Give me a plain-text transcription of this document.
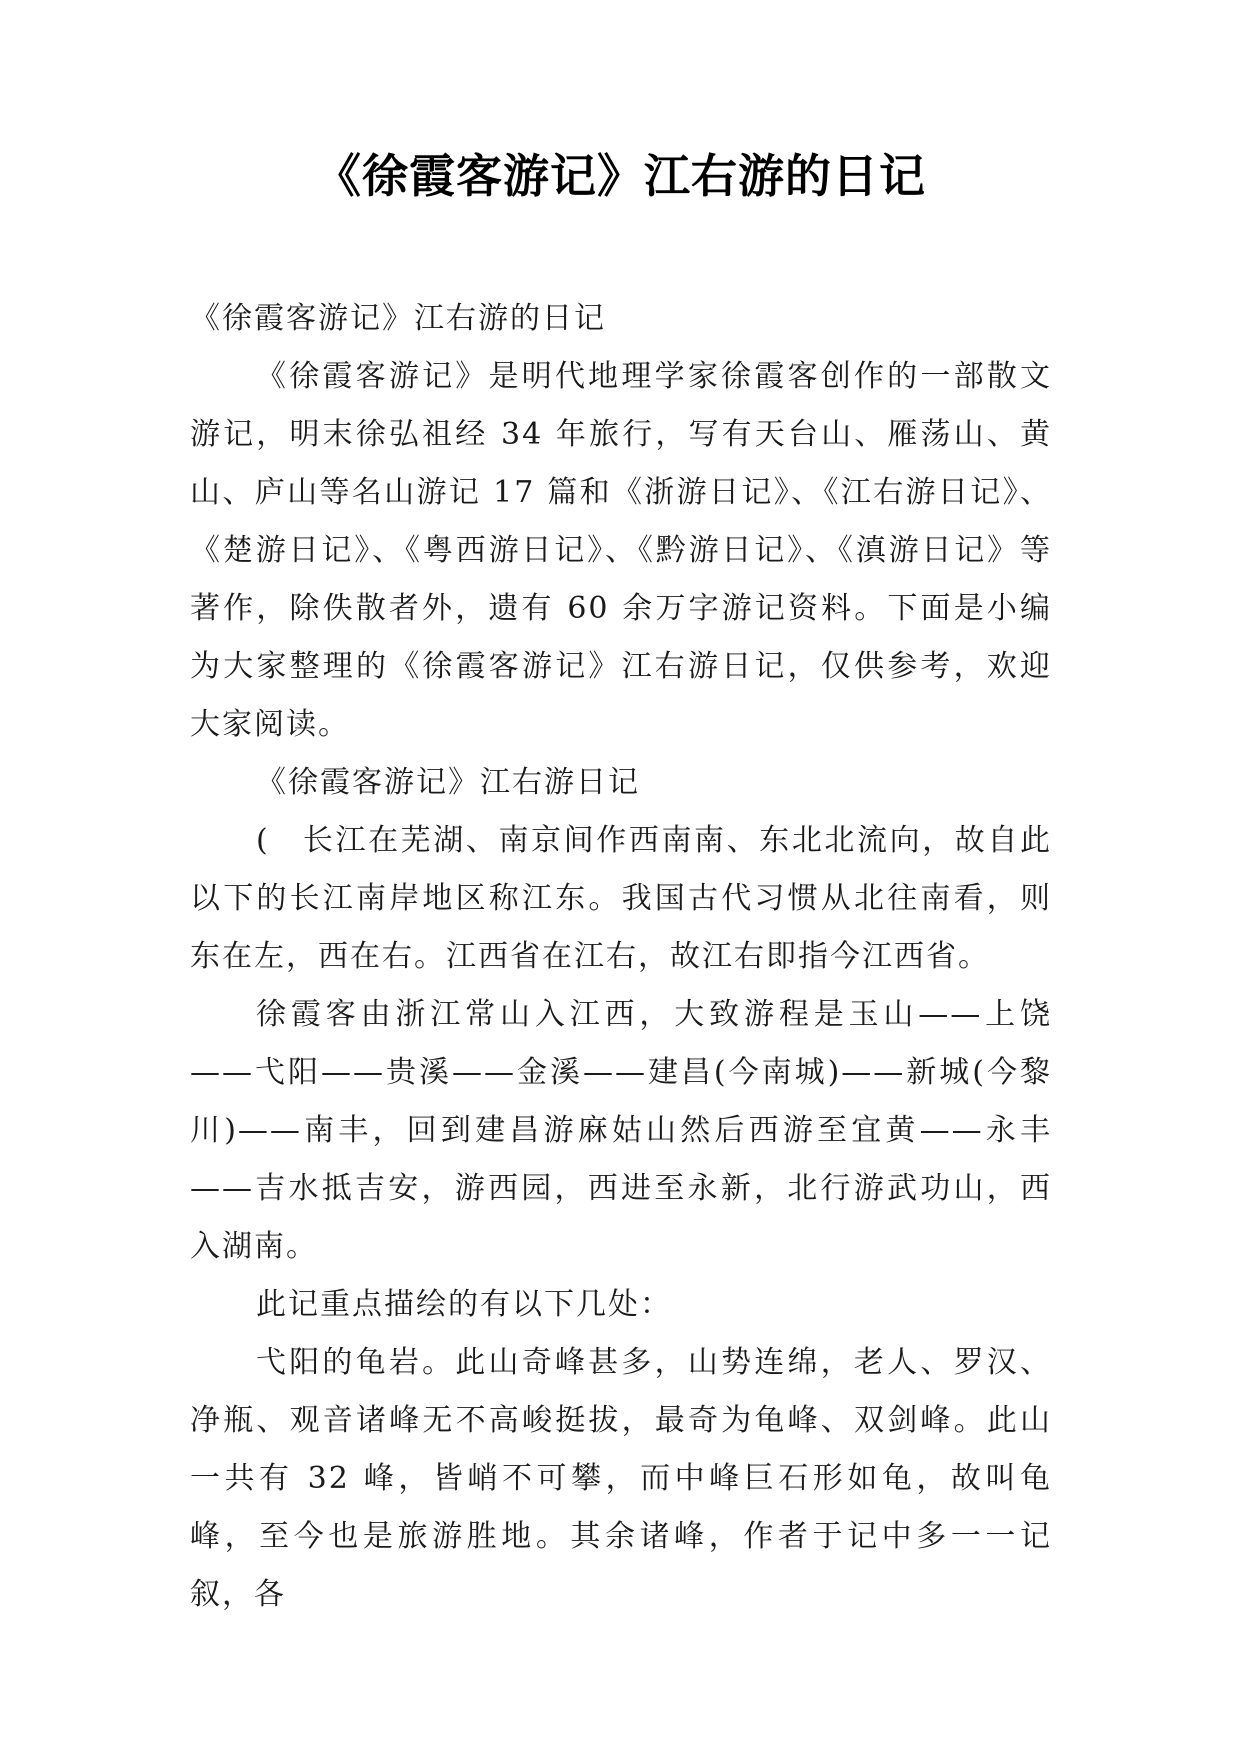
《徐霞客游记》江右游的日记

《徐霞客游记》江右游的日记

《徐霞客游记》是明代地理学家徐霞客创作的一部散文游记，明末徐弘祖经 34 年旅行，写有天台山、雁荡山、黄山、庐山等名山游记 17 篇和《浙游日记》、《江右游日记》、《楚游日记》、《粤西游日记》、《黔游日记》、《滇游日记》等著作，除佚散者外，遗有 60 余万字游记资料。下面是小编为大家整理的《徐霞客游记》江右游日记，仅供参考，欢迎大家阅读。

《徐霞客游记》江右游日记

(　长江在芜湖、南京间作西南南、东北北流向，故自此以下的长江南岸地区称江东。我国古代习惯从北往南看，则东在左，西在右。江西省在江右，故江右即指今江西省。

徐霞客由浙江常山入江西，大致游程是玉山——上饶——弋阳——贵溪——金溪——建昌(今南城)——新城(今黎川)——南丰，回到建昌游麻姑山然后西游至宜黄——永丰——吉水抵吉安，游西园，西进至永新，北行游武功山，西入湖南。

此记重点描绘的有以下几处：

弋阳的龟岩。此山奇峰甚多，山势连绵，老人、罗汉、净瓶、观音诸峰无不高峻挺拔，最奇为龟峰、双剑峰。此山一共有 32 峰，皆峭不可攀，而中峰巨石形如龟，故叫龟峰，至今也是旅游胜地。其余诸峰，作者于记中多一一记叙，各
